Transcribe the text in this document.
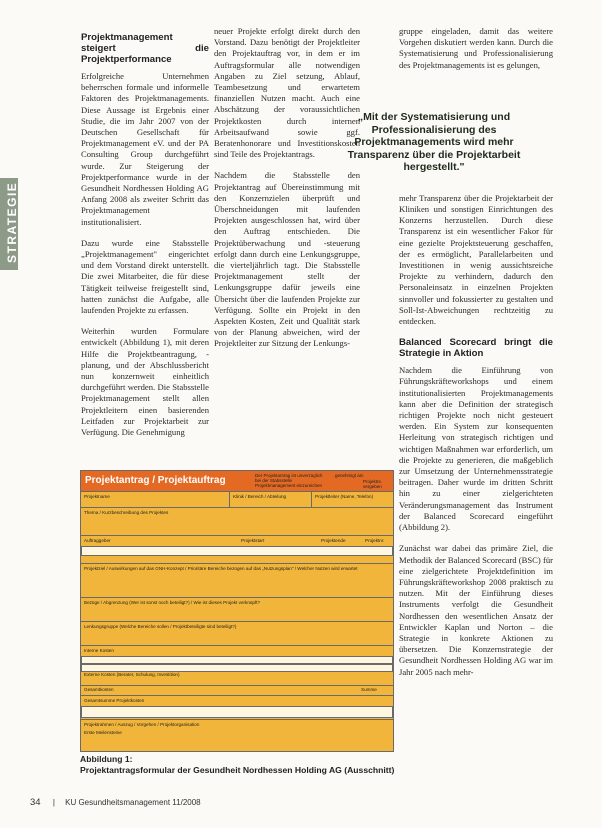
STRATEGIE
Projektmanagement steigert die Projektperformance

Erfolgreiche Unternehmen beherrschen formale und informelle Faktoren des Projektmanagements. Diese Aussage ist Ergebnis einer Studie, die im Jahr 2007 von der Deutschen Gesellschaft für Projektmanagement eV. und der PA Consulting Group durchgeführt wurde. Zur Steigerung der Projektperformance wurde in der Gesundheit Nordhessen Holding AG Anfang 2008 als zweiter Schritt das Projektmanagement institutionalisiert.

Dazu wurde eine Stabsstelle „Projektmanagement" eingerichtet und dem Vorstand direkt unterstellt. Die zwei Mitarbeiter, die für diese Tätigkeit teilweise freigestellt sind, hatten zunächst die Aufgabe, alle laufenden Projekte zu erfassen.

Weiterhin wurden Formulare entwickelt (Abbildung 1), mit deren Hilfe die Projektbeantragung, -planung, und der Abschlussbericht nun konzernweit einheitlich durchgeführt werden. Die Stabsstelle Projektmanagement stellt allen Projektleitern einen basierenden Leitfaden zur Projektarbeit zur Verfügung. Die Genehmigung

neuer Projekte erfolgt direkt durch den Vorstand. Dazu benötigt der Projektleiter den Projektauftrag vor, in dem er im Auftragsformular alle notwendigen Angaben zu Ziel setzung, Ablauf, Teambesetzung und erwartetem finanziellen Nutzen macht. Auch eine Abschätzung der voraussichtlichen Projektkosten durch internen Arbeitsaufwand sowie ggf. Beratenhonorare und Investitionskosten sind Teile des Projektantrags.

Nachdem die Stabsstelle den Projektantrag auf Übereinstimmung mit den Konzernzielen überprüft und Überschneidungen mit laufenden Projekten ausgeschlossen hat, wird über den Auftrag entschieden. Die Projektüberwachung und -steuerung erfolgt dann durch eine Lenkungsgruppe, die vierteljährlich tagt. Die Stabsstelle Projektmanagement stellt der Lenkungsgruppe dafür jeweils eine Übersicht über die laufenden Projekte zur Verfügung. Sollte ein Projekt in den Aspekten Kosten, Zeit und Qualität stark von der Planung abweichen, wird der Projektleiter zur Sitzung der Lenkungs-

„Mit der Systematisierung und Professionalisierung des Projektmanagements wird mehr Transparenz über die Projektarbeit hergestellt."

gruppe eingeladen, damit das weitere Vorgehen diskutiert werden kann. Durch die Systematisierung und Professionalisierung des Projektmanagements ist es gelungen,

mehr Transparenz über die Projektarbeit der Kliniken und sonstigen Einrichtungen des Konzerns herzustellen. Durch diese Transparenz ist ein wesentlicher Fakor für eine gezielte Projektsteuerung geschaffen, der es ermöglicht, Parallelarbeiten und Investitionen in wenig aussichtsreiche Projekte zu verhindern, dadurch den Personaleinsatz in einzelnen Projekten sinnvoller und fokussierter zu gestalten und Soll-Ist-Abweichungen rechtzeitig zu entdecken.

Balanced Scorecard bringt die Strategie in Aktion

Nachdem die Einführung von Führungskräfteworkshops und einem institutionalisierten Projektmanagements kann aber die Definition der strategisch richtigen Projekte noch nicht gesteuert werden. Ein System zur konsequenten Herleitung von strategisch richtigen und wichtigen Maßnahmen war erforderlich, um die Projekte zu generieren, die maßgeblich zur Umsetzung der Unternehmensstrategie beitragen. Daher wurde im dritten Schritt hin zu einer zielgerichteten Veränderungsmanagement das Instrument der Balanced Scorecard eingeführt (Abbildung 2).

Zunächst war dabei das primäre Ziel, die Methodik der Balanced Scorecard (BSC) für eine zielgerichtete Projektdefinition im Führungskräfteworkshop 2008 praktisch zu nutzen. Mit der Einführung dieses Instruments verfolgt die Gesundheit Nordhessen den wesentlichen Ansatz der Entwickler Kaplan und Norton – die Strategie in konkrete Aktionen zu übersetzen. Die Konzernstrategie der Gesundheit Nordhessen Holding AG war im Jahr 2005 nach mehr-

Projektantrag / Projektauftrag	Der Projektantrag ist unverzüglich bei der Stabsstelle Projektmanagement einzureichen
genehmigt am
Projektnr. vergeben
Projektname	Klinik / Bereich / Abteilung	Projektleiter (Name, Telefon)
Thema / Kurzbeschreibung des Projektes
Auftraggeber	Projektstart	Projektende	Projektnr.
Projektziel / Auswirkungen auf das GNH-Konzept / Prioritäre Bereiche bezogen auf das „Nutzungsplan" / Welcher Nutzen wird erwartet
Bezüge / Abgrenzung (Wer ist sonst noch beteiligt?) / Wie ist dieses Projekt verknüpft?
Lenkungsgruppe (Welche Bereiche sollen / Projektbeteiligte sind beteiligt?)
Interne Kosten
Externe Kosten (Berater, Schulung, Investition)
Gesamtkosten	Summe
Gesamtsumme Projektkosten
Projektrahmen / Auszug / Vorgehen / Projektorganisation
Erste Meilensteine
Abbildung 1:
Projektantragsformular der Gesundheit Nordhessen Holding AG (Ausschnitt)
34 | KU Gesundheitsmanagement 11/2008
